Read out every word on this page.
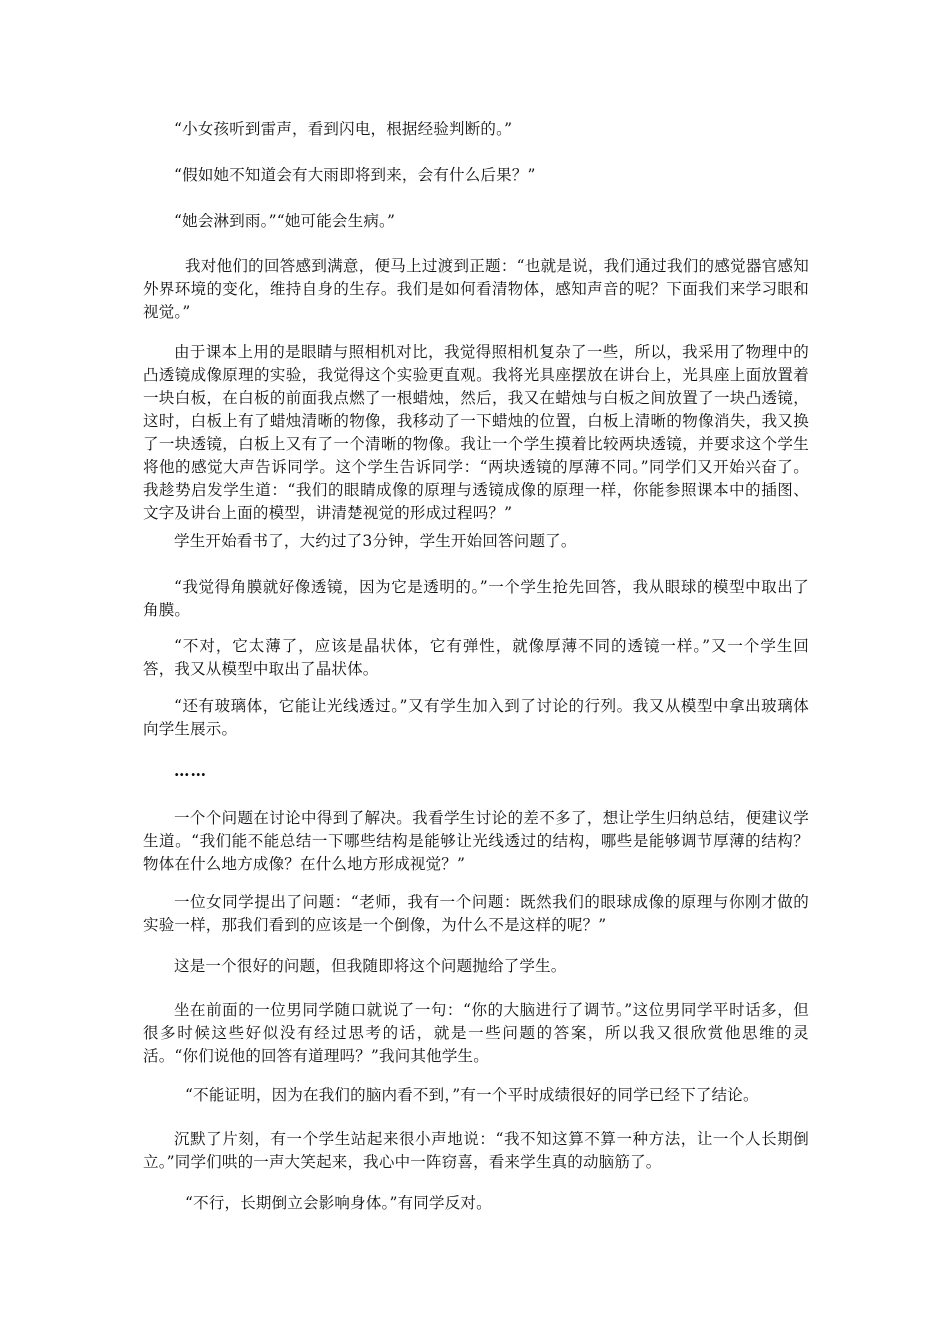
“小女孩听到雷声，看到闪电，根据经验判断的。”

“假如她不知道会有大雨即将到来，会有什么后果？”

“她会淋到雨。”“她可能会生病。”

我对他们的回答感到满意，便马上过渡到正题：“也就是说，我们通过我们的感觉器官感知外界环境的变化，维持自身的生存。我们是如何看清物体，感知声音的呢？下面我们来学习眼和视觉。”

由于课本上用的是眼睛与照相机对比，我觉得照相机复杂了一些，所以，我采用了物理中的凸透镜成像原理的实验，我觉得这个实验更直观。我将光具座摆放在讲台上，光具座上面放置着一块白板，在白板的前面我点燃了一根蜡烛，然后，我又在蜡烛与白板之间放置了一块凸透镜，这时，白板上有了蜡烛清晰的物像，我移动了一下蜡烛的位置，白板上清晰的物像消失，我又换了一块透镜，白板上又有了一个清晰的物像。我让一个学生摸着比较两块透镜，并要求这个学生将他的感觉大声告诉同学。这个学生告诉同学：“两块透镜的厚薄不同。”同学们又开始兴奋了。我趁势启发学生道：“我们的眼睛成像的原理与透镜成像的原理一样，你能参照课本中的插图、文字及讲台上面的模型，讲清楚视觉的形成过程吗？”

学生开始看书了，大约过了3分钟，学生开始回答问题了。

“我觉得角膜就好像透镜，因为它是透明的。”一个学生抢先回答，我从眼球的模型中取出了角膜。

“不对，它太薄了，应该是晶状体，它有弹性，就像厚薄不同的透镜一样。”又一个学生回答，我又从模型中取出了晶状体。

“还有玻璃体，它能让光线透过。”又有学生加入到了讨论的行列。我又从模型中拿出玻璃体向学生展示。

……

一个个问题在讨论中得到了解决。我看学生讨论的差不多了，想让学生归纳总结，便建议学生道。“我们能不能总结一下哪些结构是能够让光线透过的结构，哪些是能够调节厚薄的结构？物体在什么地方成像？在什么地方形成视觉？”

一位女同学提出了问题：“老师，我有一个问题：既然我们的眼球成像的原理与你刚才做的实验一样，那我们看到的应该是一个倒像，为什么不是这样的呢？”

这是一个很好的问题，但我随即将这个问题抛给了学生。

坐在前面的一位男同学随口就说了一句：“你的大脑进行了调节。”这位男同学平时话多，但很多时候这些好似没有经过思考的话，就是一些问题的答案，所以我又很欣赏他思维的灵活。“你们说他的回答有道理吗？”我问其他学生。

“不能证明，因为在我们的脑内看不到，”有一个平时成绩很好的同学已经下了结论。

沉默了片刻，有一个学生站起来很小声地说：“我不知这算不算一种方法，让一个人长期倒立。”同学们哄的一声大笑起来，我心中一阵窃喜，看来学生真的动脑筋了。

“不行，长期倒立会影响身体。”有同学反对。
